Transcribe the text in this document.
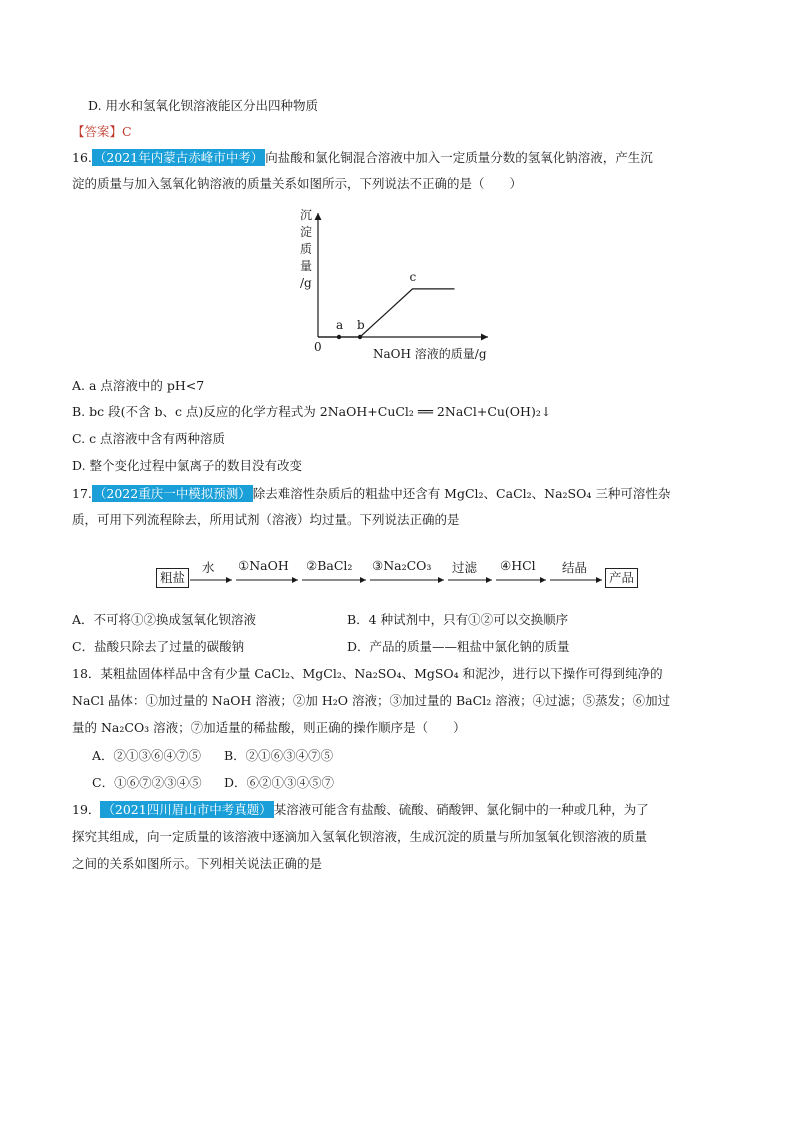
D. 用水和氢氧化钡溶液能区分出四种物质
【答案】C
16. （2021年内蒙古赤峰市中考） 向盐酸和氯化铜混合溶液中加入一定质量分数的氢氧化钠溶液，产生沉
淀的质量与加入氢氧化钠溶液的质量关系如图所示，下列说法不正确的是（　　）
沉
淀
质
量
/g
0	NaOH 溶液的质量/g
a b
c
A. a 点溶液中的 pH<7
B. bc 段(不含 b、c 点)反应的化学方程式为 2NaOH+CuCl₂ ══ 2NaCl+Cu(OH)₂↓
C. c 点溶液中含有两种溶质
D. 整个变化过程中氯离子的数目没有改变
17. （2022重庆一中模拟预测） 除去难溶性杂质后的粗盐中还含有 MgCl₂、CaCl₂、Na₂SO₄ 三种可溶性杂
质，可用下列流程除去，所用试剂（溶液）均过量。下列说法正确的是
粗盐	产品
水 ①NaOH ②BaCl₂ ③Na₂CO₃ 过滤 ④HCl 结晶
A．不可将①②换成氢氧化钡溶液	B．4 种试剂中，只有①②可以交换顺序
C．盐酸只除去了过量的碳酸钠	D．产品的质量——粗盐中氯化钠的质量
18．某粗盐固体样品中含有少量 CaCl₂、MgCl₂、Na₂SO₄、MgSO₄ 和泥沙，进行以下操作可得到纯净的
NaCl 晶体：①加过量的 NaOH 溶液；②加 H₂O 溶液；③加过量的 BaCl₂ 溶液；④过滤；⑤蒸发；⑥加过
量的 Na₂CO₃ 溶液；⑦加适量的稀盐酸，则正确的操作顺序是（　　）
A．②①③⑥④⑦⑤ B．②①⑥③④⑦⑤
C．①⑥⑦②③④⑤ D．⑥②①③④⑤⑦
19． （2021四川眉山市中考真题） 某溶液可能含有盐酸、硫酸、硝酸钾、氯化铜中的一种或几种，为了
探究其组成，向一定质量的该溶液中逐滴加入氢氧化钡溶液，生成沉淀的质量与所加氢氧化钡溶液的质量
之间的关系如图所示。下列相关说法正确的是
